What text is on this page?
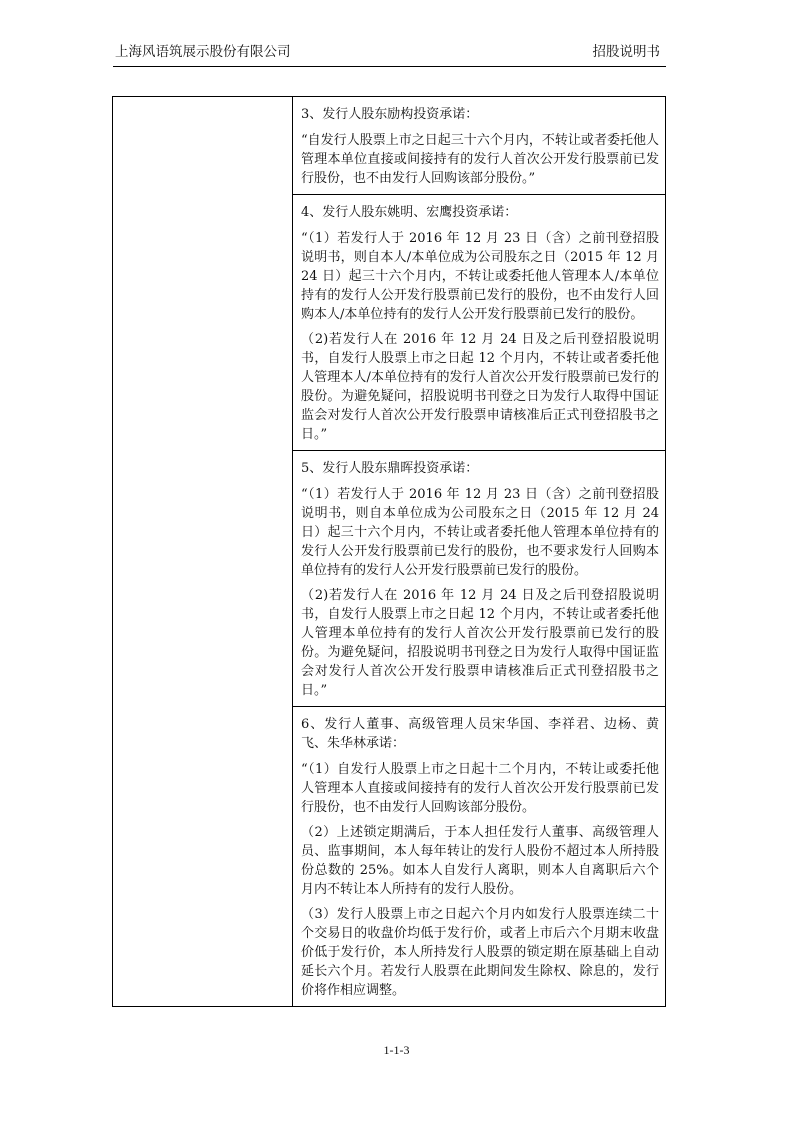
上海风语筑展示股份有限公司	招股说明书

3、发行人股东励构投资承诺：

“自发行人股票上市之日起三十六个月内，不转让或者委托他人管理本单位直接或间接持有的发行人首次公开发行股票前已发行股份，也不由发行人回购该部分股份。”

4、发行人股东姚明、宏鹰投资承诺：

“（1）若发行人于 2016 年 12 月 23 日（含）之前刊登招股说明书，则自本人/本单位成为公司股东之日（2015 年 12 月 24 日）起三十六个月内，不转让或委托他人管理本人/本单位持有的发行人公开发行股票前已发行的股份，也不由发行人回购本人/本单位持有的发行人公开发行股票前已发行的股份。

（2)若发行人在 2016 年 12 月 24 日及之后刊登招股说明书，自发行人股票上市之日起 12 个月内，不转让或者委托他人管理本人/本单位持有的发行人首次公开发行股票前已发行的股份。为避免疑问，招股说明书刊登之日为发行人取得中国证监会对发行人首次公开发行股票申请核准后正式刊登招股书之日。”

5、发行人股东鼎晖投资承诺：

“（1）若发行人于 2016 年 12 月 23 日（含）之前刊登招股说明书，则自本单位成为公司股东之日（2015 年 12 月 24 日）起三十六个月内，不转让或者委托他人管理本单位持有的发行人公开发行股票前已发行的股份，也不要求发行人回购本单位持有的发行人公开发行股票前已发行的股份。

（2)若发行人在 2016 年 12 月 24 日及之后刊登招股说明书，自发行人股票上市之日起 12 个月内，不转让或者委托他人管理本单位持有的发行人首次公开发行股票前已发行的股份。为避免疑问，招股说明书刊登之日为发行人取得中国证监会对发行人首次公开发行股票申请核准后正式刊登招股书之日。”

6、发行人董事、高级管理人员宋华国、李祥君、边杨、黄飞、朱华林承诺：

“（1）自发行人股票上市之日起十二个月内，不转让或委托他人管理本人直接或间接持有的发行人首次公开发行股票前已发行股份，也不由发行人回购该部分股份。

（2）上述锁定期满后，于本人担任发行人董事、高级管理人员、监事期间，本人每年转让的发行人股份不超过本人所持股份总数的 25%。如本人自发行人离职，则本人自离职后六个月内不转让本人所持有的发行人股份。

（3）发行人股票上市之日起六个月内如发行人股票连续二十个交易日的收盘价均低于发行价，或者上市后六个月期末收盘价低于发行价，本人所持发行人股票的锁定期在原基础上自动延长六个月。若发行人股票在此期间发生除权、除息的，发行价将作相应调整。

1-1-3
